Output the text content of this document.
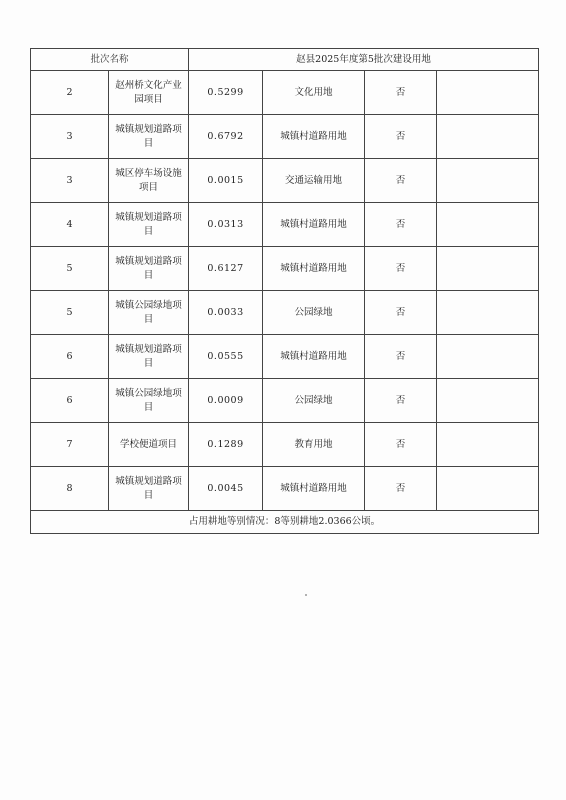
批次名称		赵县2025年度第5批次建设用地			
2	赵州桥文化产业园项目	0.5299	文化用地	否	
3	城镇规划道路项目	0.6792	城镇村道路用地	否	
3	城区停车场设施项目	0.0015	交通运输用地	否	
4	城镇规划道路项目	0.0313	城镇村道路用地	否	
5	城镇规划道路项目	0.6127	城镇村道路用地	否	
5	城镇公园绿地项目	0.0033	公园绿地	否	
6	城镇规划道路项目	0.0555	城镇村道路用地	否	
6	城镇公园绿地项目	0.0009	公园绿地	否	
7	学校便道项目	0.1289	教育用地	否	
8	城镇规划道路项目	0.0045	城镇村道路用地	否	
占用耕地等别情况：8等别耕地2.0366公顷。					
